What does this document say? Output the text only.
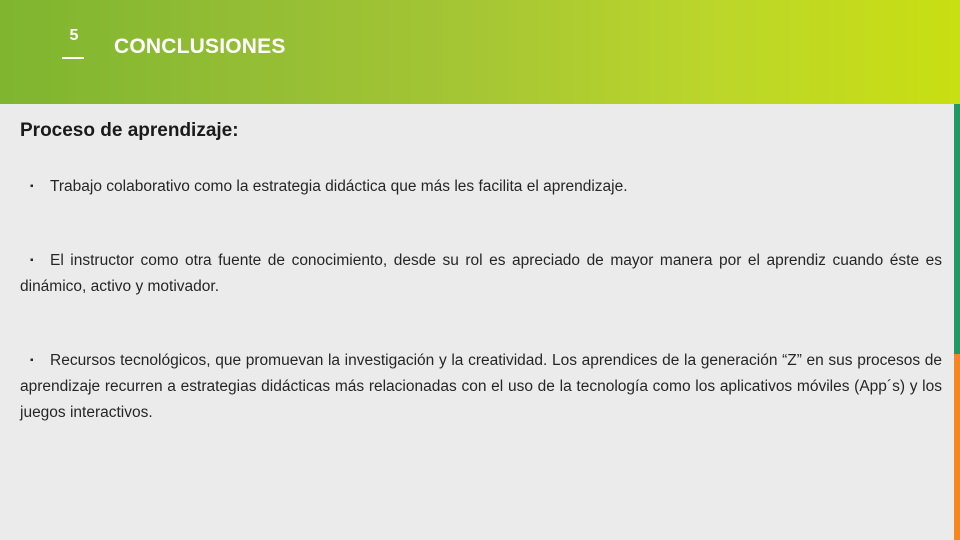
5	CONCLUSIONES
Proceso de aprendizaje:

▪ Trabajo colaborativo como la estrategia didáctica que más les facilita el aprendizaje.

▪ El instructor como otra fuente de conocimiento, desde su rol es apreciado de mayor manera por el aprendiz cuando éste es dinámico, activo y motivador.

▪ Recursos tecnológicos, que promuevan la investigación y la creatividad. Los aprendices de la generación “Z” en sus procesos de aprendizaje recurren a estrategias didácticas más relacionadas con el uso de la tecnología como los aplicativos móviles (App´s) y los juegos interactivos.
